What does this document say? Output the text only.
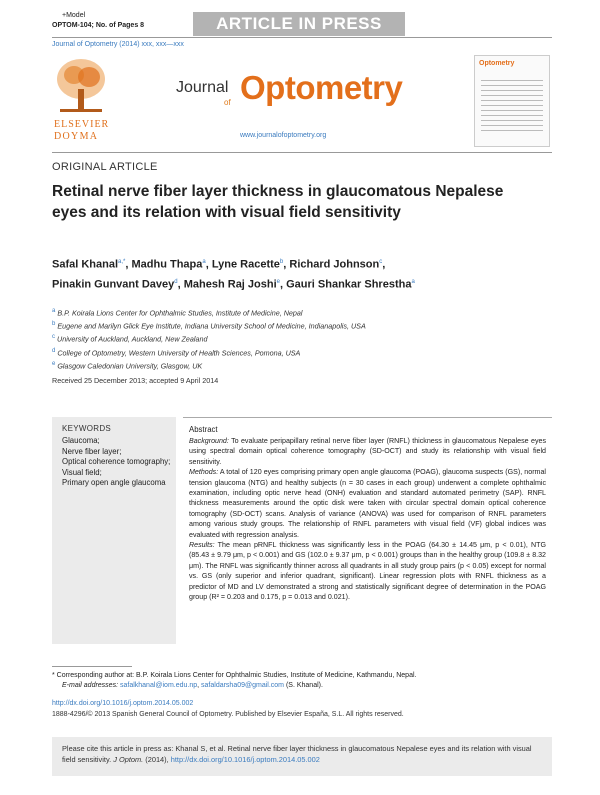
+Model
OPTOM-104; No. of Pages 8	ARTICLE IN PRESS
Journal of Optometry (2014) xxx, xxx—xxx
ELSEVIER
DOYMA
Journal
of Optometry
www.journalofoptometry.org
Optometry
ORIGINAL ARTICLE
Retinal nerve fiber layer thickness in glaucomatous Nepalese eyes and its relation with visual field sensitivity
Safal Khanal$^{a,*}$, Madhu Thapa$^a$, Lyne Racette$^b$, Richard Johnson$^c$,
Pinakin Gunvant Davey$^d$, Mahesh Raj Joshi$^e$, Gauri Shankar Shrestha$^a$
$^a$ B.P. Koirala Lions Center for Ophthalmic Studies, Institute of Medicine, Nepal
$^b$ Eugene and Marilyn Glick Eye Institute, Indiana University School of Medicine, Indianapolis, USA
$^c$ University of Auckland, Auckland, New Zealand
$^d$ College of Optometry, Western University of Health Sciences, Pomona, USA
$^e$ Glasgow Caledonian University, Glasgow, UK
Received 25 December 2013; accepted 9 April 2014
KEYWORDS
Glaucoma;
Nerve fiber layer;
Optical coherence tomography;
Visual field;
Primary open angle glaucoma
Abstract
Background: To evaluate peripapillary retinal nerve fiber layer (RNFL) thickness in glaucomatous Nepalese eyes using spectral domain optical coherence tomography (SD-OCT) and study its relationship with visual field sensitivity.
Methods: A total of 120 eyes comprising primary open angle glaucoma (POAG), glaucoma suspects (GS), normal tension glaucoma (NTG) and healthy subjects (n = 30 cases in each group) underwent a complete ophthalmic examination, including optic nerve head (ONH) evaluation and standard automated perimetry (SAP). RNFL thickness measurements around the optic disk were taken with circular spectral domain optical coherence tomography (SD-OCT) scans. Analysis of variance (ANOVA) was used for comparison of RNFL parameters among various study groups. The relationship of RNFL parameters with visual field (VF) global indices was evaluated with regression analysis.
Results: The mean pRNFL thickness was significantly less in the POAG (64.30 ± 14.45 μm, p < 0.01), NTG (85.43 ± 9.79 μm, p < 0.001) and GS (102.0 ± 9.37 μm, p < 0.001) groups than in the healthy group (109.8 ± 8.32 μm). The RNFL was significantly thinner across all quadrants in all study group pairs (p < 0.05) except for normal vs. GS (only superior and inferior quadrant, significant). Linear regression plots with RNFL thickness as a predictor of MD and LV demonstrated a strong and statistically significant degree of determination in the POAG group (R² = 0.203 and 0.175, p = 0.013 and 0.021).
* Corresponding author at: B.P. Koirala Lions Center for Ophthalmic Studies, Institute of Medicine, Kathmandu, Nepal.
E-mail addresses: safalkhanal@iom.edu.np, safaldarsha09@gmail.com (S. Khanal).
http://dx.doi.org/10.1016/j.optom.2014.05.002
1888-4296/© 2013 Spanish General Council of Optometry. Published by Elsevier España, S.L. All rights reserved.
Please cite this article in press as: Khanal S, et al. Retinal nerve fiber layer thickness in glaucomatous Nepalese eyes and its relation with visual field sensitivity. J Optom. (2014), http://dx.doi.org/10.1016/j.optom.2014.05.002
